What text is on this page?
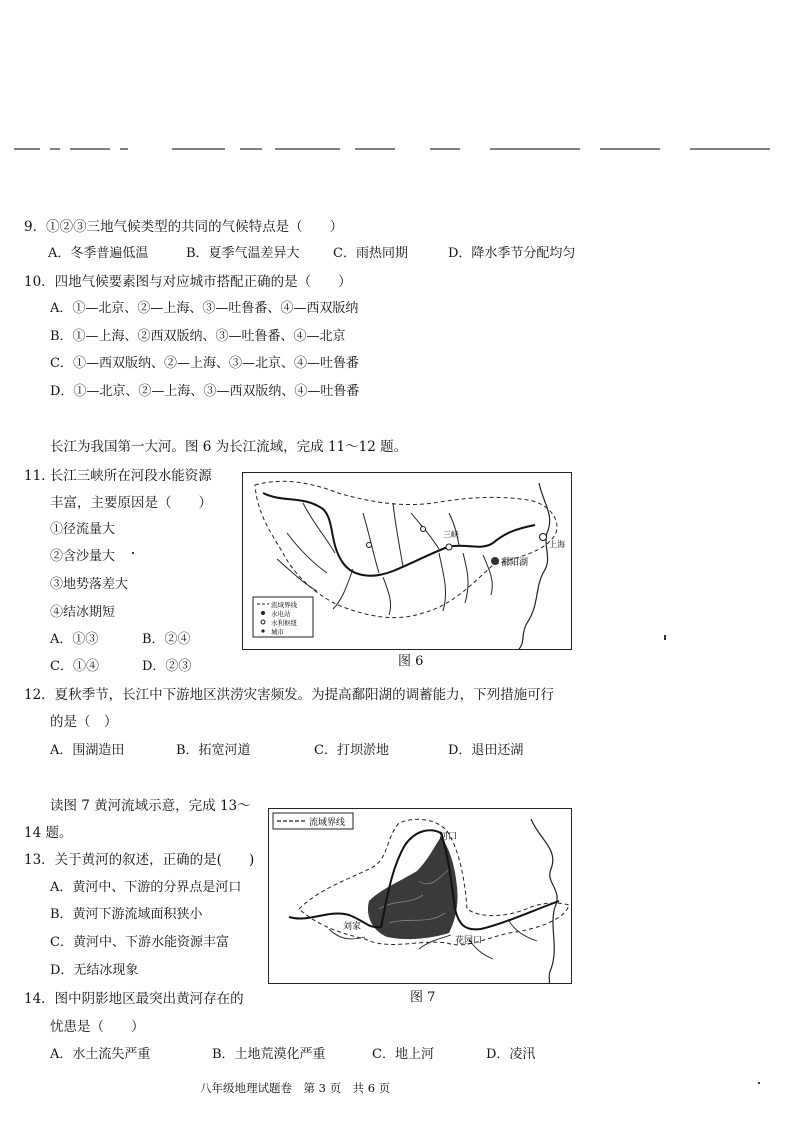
9．①②③三地气候类型的共同的气候特点是（　　）
A．冬季普遍低温	B．夏季气温差异大	C．雨热同期	D．降水季节分配均匀
10．四地气候要素图与对应城市搭配正确的是（　　）
A．①—北京、②—上海、③—吐鲁番、④—西双版纳
B．①—上海、②西双版纳、③—吐鲁番、④—北京
C．①—西双版纳、②—上海、③—北京、④—吐鲁番
D．①—北京、②—上海、③—西双版纳、④—吐鲁番
长江为我国第一大河。图 6 为长江流域，完成 11～12 题。
11. 长江三峡所在河段水能资源
丰富，主要原因是（　　）
①径流量大
②含沙量大
③地势落差大
④结冰期短
A．①③	B．②④
C．①④	D．②③
三峡
鄱阳湖
上海
流域界线
水电站
水利枢纽
城市
图 6
12．夏秋季节，长江中下游地区洪涝灾害频发。为提高鄱阳湖的调蓄能力，下列措施可行
的是（　）
A．围湖造田	B．拓宽河道	C．打坝淤地	D．退田还湖
读图 7 黄河流域示意，完成 13～
14 题。
13．关于黄河的叙述，正确的是(　　)
A．黄河中、下游的分界点是河口
B．黄河下游流域面积狭小
C．黄河中、下游水能资源丰富
D．无结冰现象
流域界线
河口
刘家
花园口
图 7
14．图中阴影地区最突出黄河存在的
忧患是（　　）
A．水土流失严重	B．土地荒漠化严重	C．地上河	D．凌汛
八年级地理试题卷　第 3 页　共 6 页
